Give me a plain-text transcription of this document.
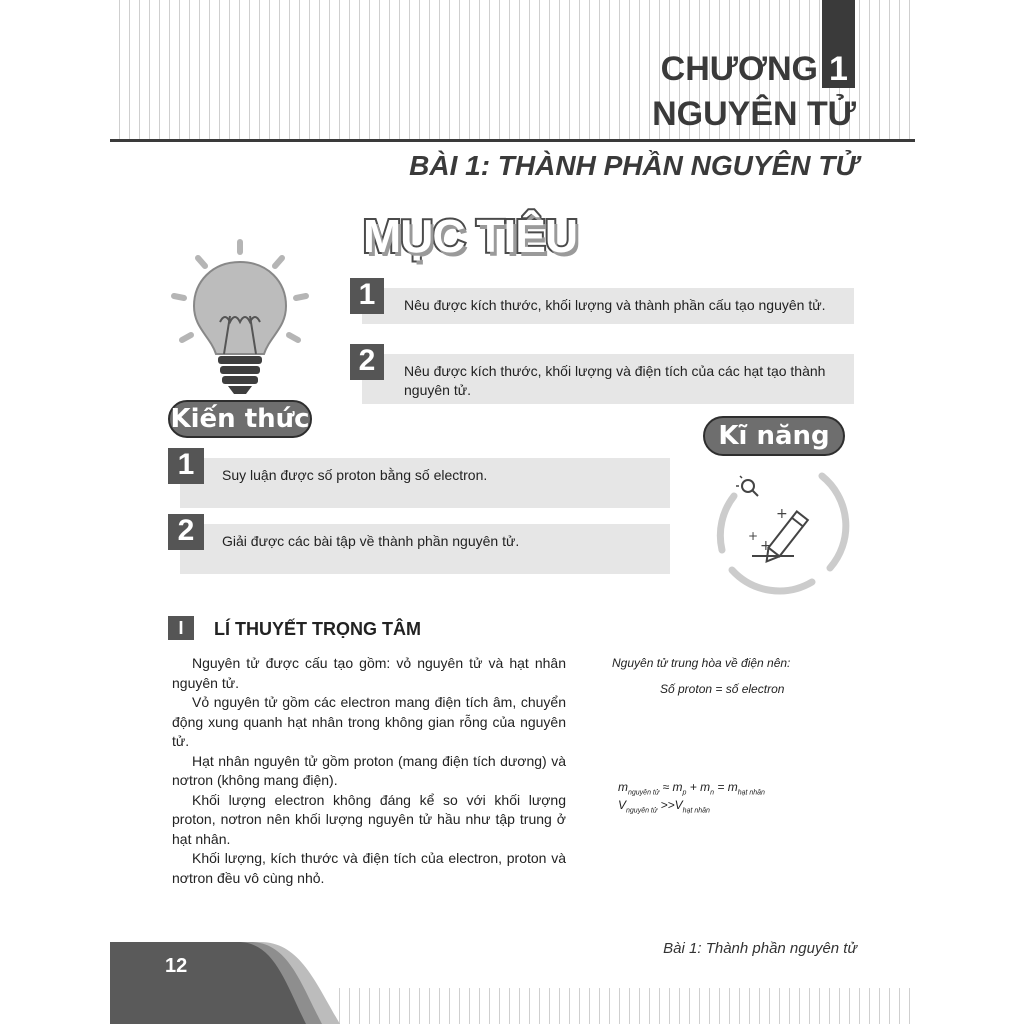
CHƯƠNG 1
NGUYÊN TỬ
BÀI 1: THÀNH PHẦN NGUYÊN TỬ
MỤC TIÊU
Kiến thức
1	Nêu được kích thước, khối lượng và thành phần cấu tạo nguyên tử.
2	Nêu được kích thước, khối lượng và điện tích của các hạt tạo thành nguyên tử.
Kĩ năng
+
+
+
1	Suy luận được số proton bằng số electron.
2	Giải được các bài tập về thành phần nguyên tử.
I	LÍ THUYẾT TRỌNG TÂM

Nguyên tử được cấu tạo gồm: vỏ nguyên tử và hạt nhân nguyên tử.

Vỏ nguyên tử gồm các electron mang điện tích âm, chuyển động xung quanh hạt nhân trong không gian rỗng của nguyên tử.

Hạt nhân nguyên tử gồm proton (mang điện tích dương) và nơtron (không mang điện).

Khối lượng electron không đáng kể so với khối lượng proton, nơtron nên khối lượng nguyên tử hầu như tập trung ở hạt nhân.

Khối lượng, kích thước và điện tích của electron, proton và nơtron đều vô cùng nhỏ.

Nguyên tử trung hòa về điện nên:
Số proton = số electron
$m_{nguyên tử} \approx m_p + m_n = m_{hạt nhân}$
$V_{nguyên tử} >>V_{hạt nhân}$
12
Bài 1: Thành phần nguyên tử
